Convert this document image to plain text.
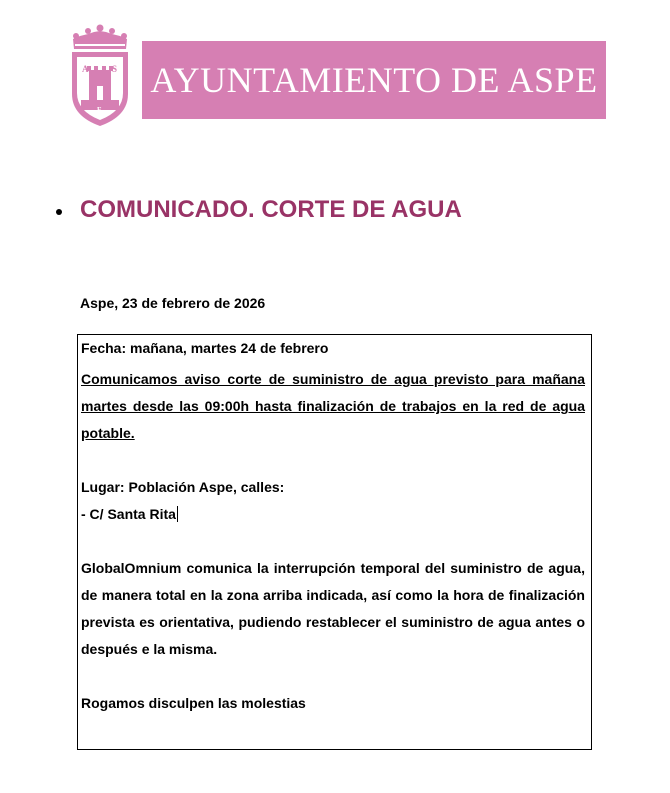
A	S
P
E
AYUNTAMIENTO DE ASPE
COMUNICADO. CORTE DE AGUA
Aspe, 23 de febrero de 2026
Fecha: mañana, martes 24 de febrero
Comunicamos aviso corte de suministro de agua previsto para mañana martes desde las 09:00h hasta finalización de trabajos en la red de agua potable.
Lugar: Población Aspe, calles:
- C/ Santa Rita
GlobalOmnium comunica la interrupción temporal del suministro de agua, de manera total en la zona arriba indicada, así como la hora de finalización prevista es orientativa, pudiendo restablecer el suministro de agua antes o después e la misma.
Rogamos disculpen las molestias
